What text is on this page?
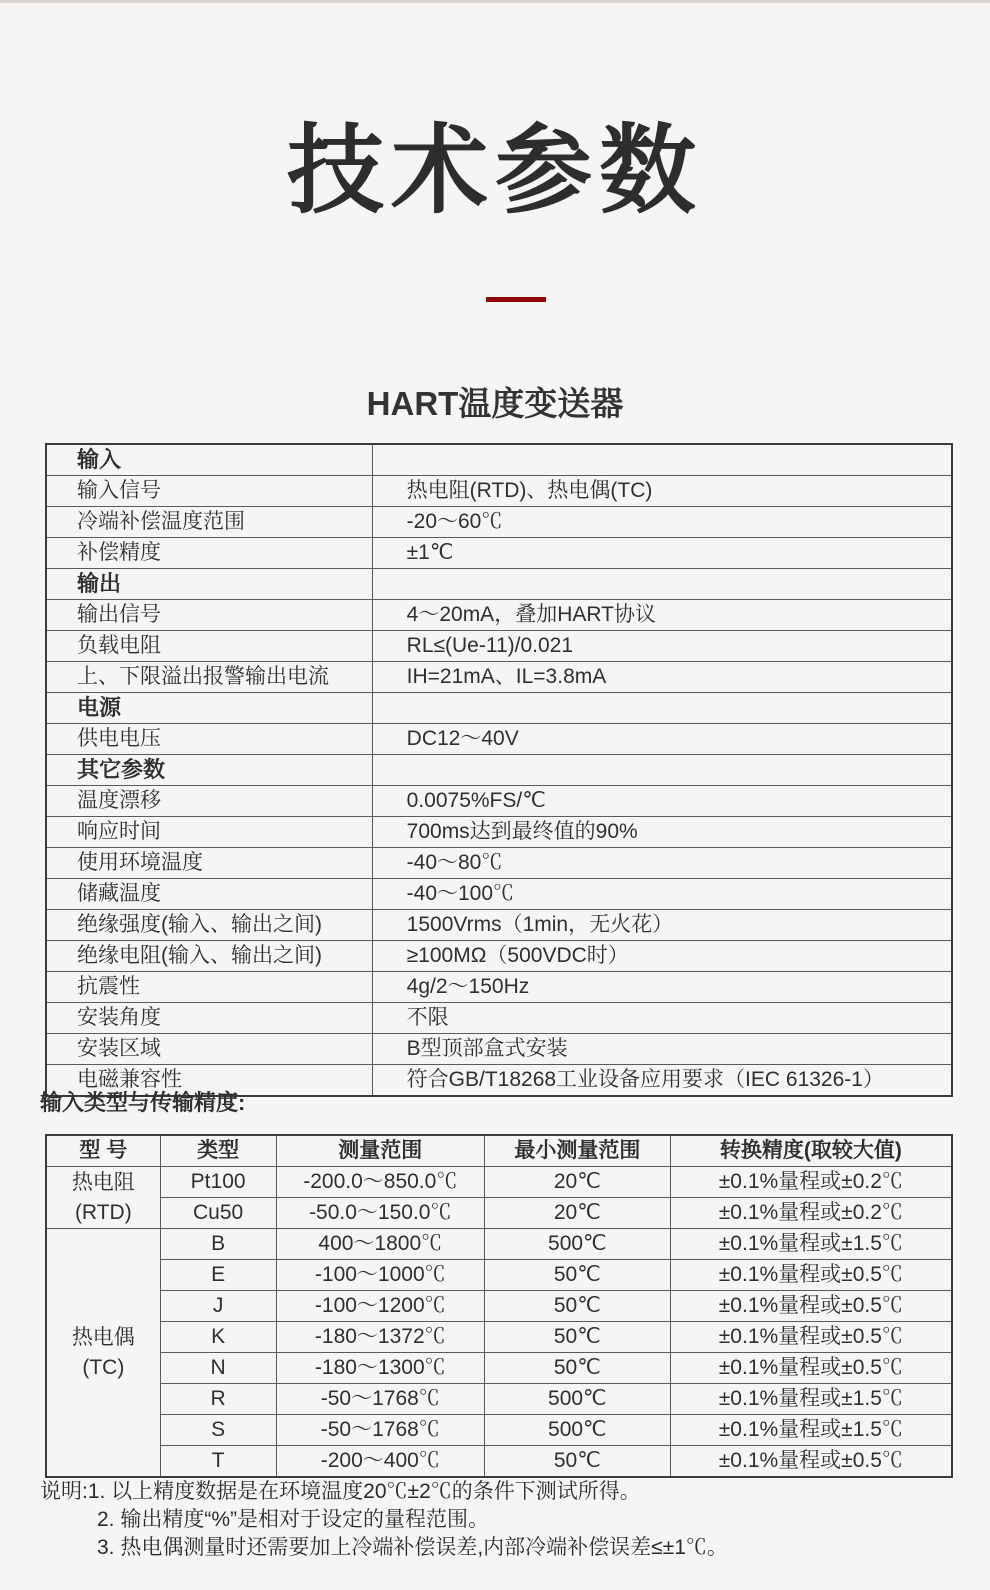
技术参数
HART温度变送器
输入	
输入信号	热电阻(RTD)、热电偶(TC)
冷端补偿温度范围	-20～60℃
补偿精度	±1℃
输出	
输出信号	4～20mA，叠加HART协议
负载电阻	RL≤(Ue-11)/0.021
上、下限溢出报警输出电流	IH=21mA、IL=3.8mA
电源	
供电电压	DC12～40V
其它参数	
温度漂移	0.0075%FS/℃
响应时间	700ms达到最终值的90%
使用环境温度	-40～80℃
储藏温度	-40～100℃
绝缘强度(输入、输出之间)	1500Vrms（1min，无火花）
绝缘电阻(输入、输出之间)	≥100MΩ（500VDC时）
抗震性	4g/2～150Hz
安装角度	不限
安装区域	B型顶部盒式安装
电磁兼容性	符合GB/T18268工业设备应用要求（IEC 61326-1）
输入类型与传输精度:
型 号	类型	测量范围	最小测量范围	转换精度(取较大值)
热电阻
(RTD)	Pt100	-200.0～850.0℃	20℃	±0.1%量程或±0.2℃
	Cu50	-50.0～150.0℃	20℃	±0.1%量程或±0.2℃
热电偶
(TC)	B	400～1800℃	500℃	±0.1%量程或±1.5℃
	E	-100～1000℃	50℃	±0.1%量程或±0.5℃
	J	-100～1200℃	50℃	±0.1%量程或±0.5℃
	K	-180～1372℃	50℃	±0.1%量程或±0.5℃
	N	-180～1300℃	50℃	±0.1%量程或±0.5℃
	R	-50～1768℃	500℃	±0.1%量程或±1.5℃
	S	-50～1768℃	500℃	±0.1%量程或±1.5℃
	T	-200～400℃	50℃	±0.1%量程或±0.5℃
说明:1. 以上精度数据是在环境温度20℃±2℃的条件下测试所得。
2. 输出精度“%”是相对于设定的量程范围。
3. 热电偶测量时还需要加上冷端补偿误差,内部冷端补偿误差≤±1℃。
